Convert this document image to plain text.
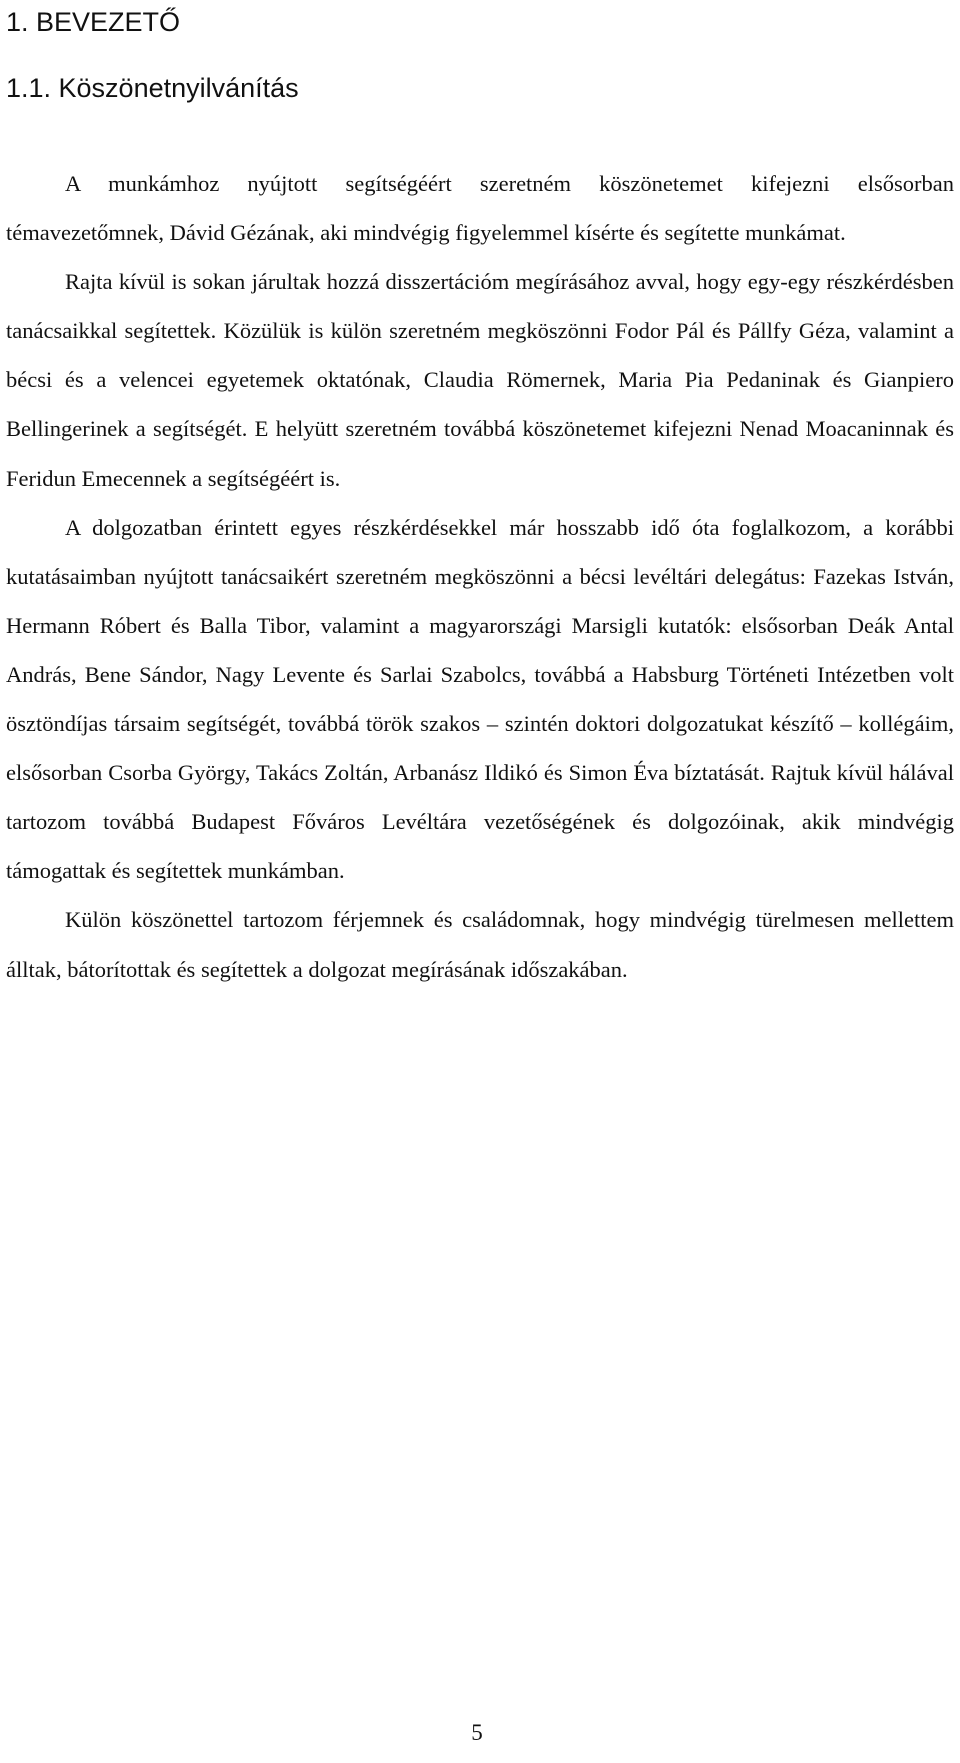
1. BEVEZETŐ
1.1. Köszönetnyilvánítás

A munkámhoz nyújtott segítségéért szeretném köszönetemet kifejezni elsősorban témavezetőmnek, Dávid Gézának, aki mindvégig figyelemmel kísérte és segítette munkámat.

Rajta kívül is sokan járultak hozzá disszertációm megírásához avval, hogy egy-egy részkérdésben tanácsaikkal segítettek. Közülük is külön szeretném megköszönni Fodor Pál és Pállfy Géza, valamint a bécsi és a velencei egyetemek oktatónak, Claudia Römernek, Maria Pia Pedaninak és Gianpiero Bellingerinek a segítségét. E helyütt szeretném továbbá köszönetemet kifejezni Nenad Moacaninnak és Feridun Emecennek a segítségéért is.

A dolgozatban érintett egyes részkérdésekkel már hosszabb idő óta foglalkozom, a korábbi kutatásaimban nyújtott tanácsaikért szeretném megköszönni a bécsi levéltári delegátus: Fazekas István, Hermann Róbert és Balla Tibor, valamint a magyarországi Marsigli kutatók: elsősorban Deák Antal András, Bene Sándor, Nagy Levente és Sarlai Szabolcs, továbbá a Habsburg Történeti Intézetben volt ösztöndíjas társaim segítségét, továbbá török szakos – szintén doktori dolgozatukat készítő – kollégáim, elsősorban Csorba György, Takács Zoltán, Arbanász Ildikó és Simon Éva bíztatását. Rajtuk kívül hálával tartozom továbbá Budapest Főváros Levéltára vezetőségének és dolgozóinak, akik mindvégig támogattak és segítettek munkámban.

Külön köszönettel tartozom férjemnek és családomnak, hogy mindvégig türelmesen mellettem álltak, bátorítottak és segítettek a dolgozat megírásának időszakában.

5
